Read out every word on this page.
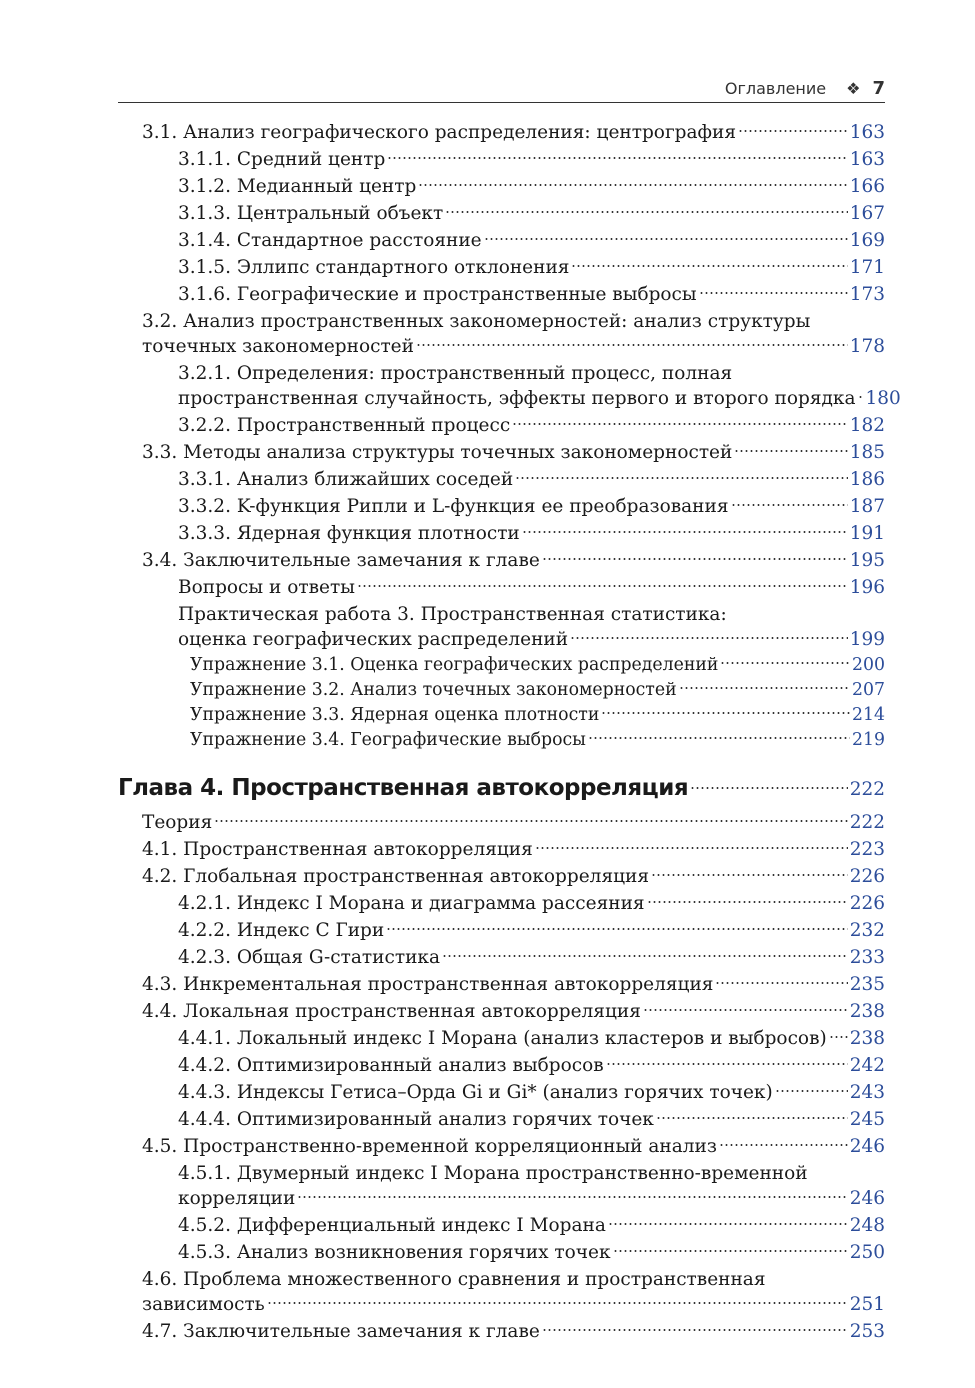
Оглавление ❖ 7
3.1. Анализ географического распределения: центрография	163
3.1.1. Средний центр	163
3.1.2. Медианный центр	166
3.1.3. Центральный объект	167
3.1.4. Стандартное расстояние	169
3.1.5. Эллипс стандартного отклонения	171
3.1.6. Географические и пространственные выбросы	173
3.2. Анализ пространственных закономерностей: анализ структуры
точечных закономерностей	178
3.2.1. Определения: пространственный процесс, полная
пространственная случайность, эффекты первого и второго порядка 180
3.2.2. Пространственный процесс	182
3.3. Методы анализа структуры точечных закономерностей	185
3.3.1. Анализ ближайших соседей	186
3.3.2. K-функция Рипли и L-функция ее преобразования	187
3.3.3. Ядерная функция плотности	191
3.4. Заключительные замечания к главе	195
Вопросы и ответы	196
Практическая работа 3. Пространственная статистика:
оценка географических распределений	199
Упражнение 3.1. Оценка географических распределений	200
Упражнение 3.2. Анализ точечных закономерностей	207
Упражнение 3.3. Ядерная оценка плотности	214
Упражнение 3.4. Географические выбросы	219
Глава 4. Пространственная автокорреляция	222
Теория	222
4.1. Пространственная автокорреляция	223
4.2. Глобальная пространственная автокорреляция	226
4.2.1. Индекс I Морана и диаграмма рассеяния	226
4.2.2. Индекс C Гири	232
4.2.3. Общая G-статистика	233
4.3. Инкрементальная пространственная автокорреляция	235
4.4. Локальная пространственная автокорреляция	238
4.4.1. Локальный индекс I Морана (анализ кластеров и выбросов) 238
4.4.2. Оптимизированный анализ выбросов	242
4.4.3. Индексы Гетиса–Орда Gi и Gi* (анализ горячих точек)	243
4.4.4. Оптимизированный анализ горячих точек	245
4.5. Пространственно-временной корреляционный анализ	246
4.5.1. Двумерный индекс I Морана пространственно-временной
корреляции	246
4.5.2. Дифференциальный индекс I Морана	248
4.5.3. Анализ возникновения горячих точек	250
4.6. Проблема множественного сравнения и пространственная
зависимость	251
4.7. Заключительные замечания к главе	253
